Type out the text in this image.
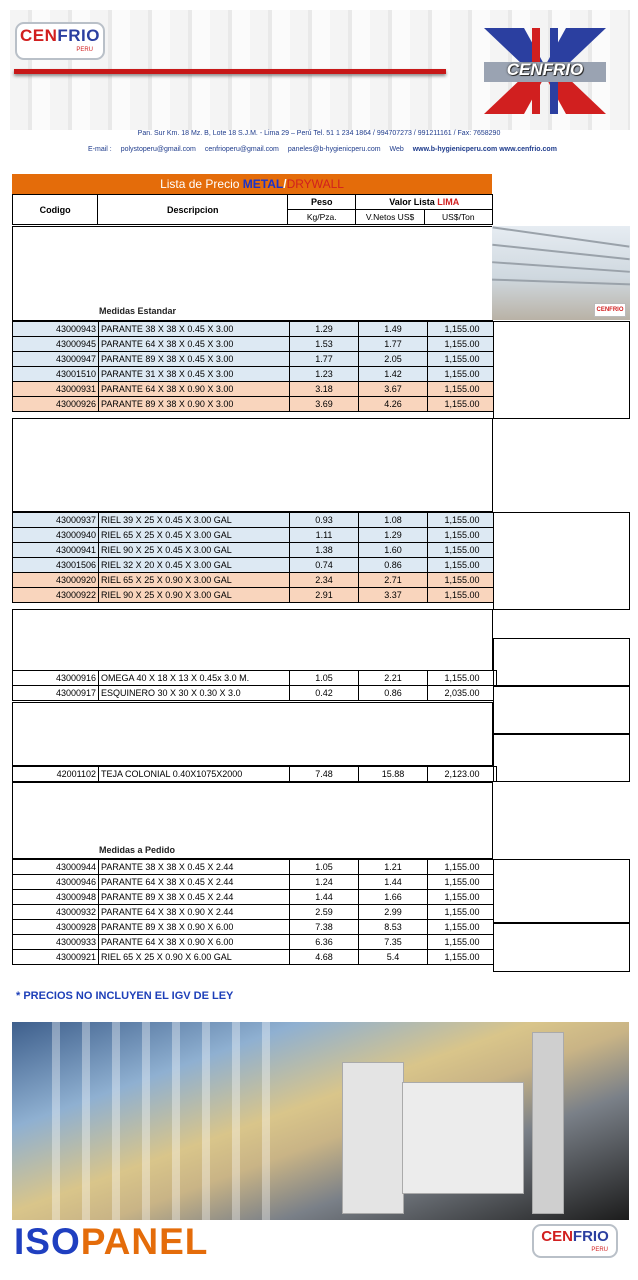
CENFRIO
PERU
CENFRIO
Pan. Sur Km. 18 Mz. B, Lote 18 S.J.M. - Lima 29 – Perú Tel. 51 1 234 1864 / 994707273 / 991211161 / Fax: 7658290
E-mail : polystoperu@gmail.com cenfrioperu@gmail.com paneles@b-hygienicperu.com Web www.b-hygienicperu.com www.cenfrio.com
Lista de Precio METAL/DRYWALL
Codigo	Descripcion	Peso	Valor Lista LIMA	
		Kg/Pza.	V.Netos US$	US$/Ton
Medidas Estandar	CENFRIO
43000943	PARANTE 38 X 38 X 0.45 X 3.00	1.29	1.49	1,155.00
43000945	PARANTE 64 X 38 X 0.45 X 3.00	1.53	1.77	1,155.00
43000947	PARANTE 89 X 38 X 0.45 X 3.00	1.77	2.05	1,155.00
43001510	PARANTE 31 X 38 X 0.45 X 3.00	1.23	1.42	1,155.00
43000931	PARANTE 64 X 38 X 0.90 X 3.00	3.18	3.67	1,155.00
43000926	PARANTE 89 X 38 X 0.90 X 3.00	3.69	4.26	1,155.00
43000937	RIEL 39 X 25 X 0.45 X 3.00 GAL	0.93	1.08	1,155.00
43000940	RIEL 65 X 25 X 0.45 X 3.00 GAL	1.11	1.29	1,155.00
43000941	RIEL 90 X 25 X 0.45 X 3.00 GAL	1.38	1.60	1,155.00
43001506	RIEL 32 X 20 X 0.45 X 3.00 GAL	0.74	0.86	1,155.00
43000920	RIEL 65 X 25 X 0.90 X 3.00 GAL	2.34	2.71	1,155.00
43000922	RIEL 90 X 25 X 0.90 X 3.00 GAL	2.91	3.37	1,155.00
43000916	OMEGA 40 X 18 X 13 X 0.45x 3.0 M.	1.05	2.21	1,155.00
43000917	ESQUINERO 30 X 30 X 0.30 X 3.0	0.42	0.86	2,035.00
42001102	TEJA COLONIAL 0.40X1075X2000	7.48	15.88	2,123.00
Medidas a Pedido
43000944	PARANTE 38 X 38 X 0.45 X 2.44	1.05	1.21	1,155.00
43000946	PARANTE 64 X 38 X 0.45 X 2.44	1.24	1.44	1,155.00
43000948	PARANTE 89 X 38 X 0.45 X 2.44	1.44	1.66	1,155.00
43000932	PARANTE 64 X 38 X 0.90 X 2.44	2.59	2.99	1,155.00
43000928	PARANTE 89 X 38 X 0.90 X 6.00	7.38	8.53	1,155.00
43000933	PARANTE 64 X 38 X 0.90 X 6.00	6.36	7.35	1,155.00
43000921	RIEL 65 X 25 X 0.90 X 6.00 GAL	4.68	5.4	1,155.00
* PRECIOS NO INCLUYEN EL IGV DE LEY
ISOPANEL	CENFRIO
PERU
